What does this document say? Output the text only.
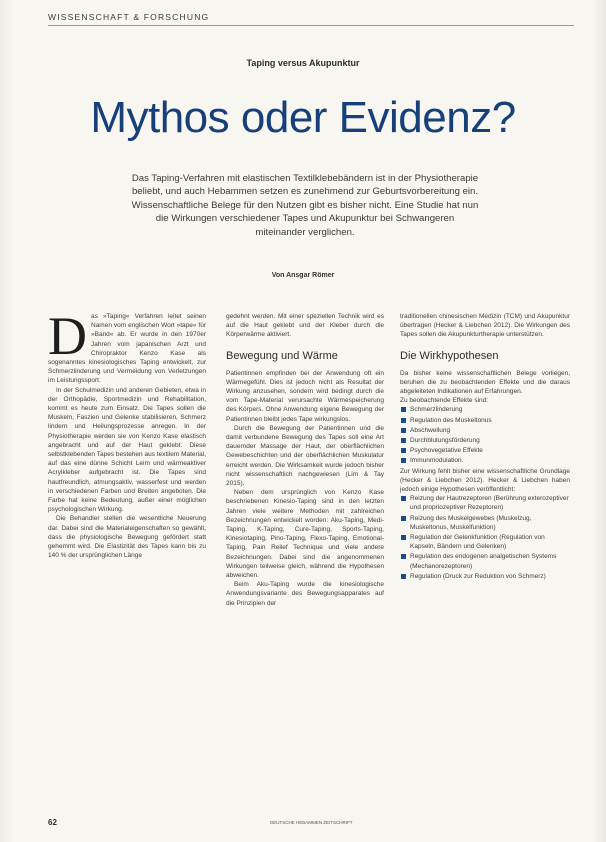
WISSENSCHAFT & FORSCHUNG
Taping versus Akupunktur
Mythos oder Evidenz?
Das Taping-Verfahren mit elastischen Textilklebebändern ist in der Physiotherapie beliebt, und auch Hebammen setzen es zunehmend zur Geburtsvorbereitung ein. Wissenschaftliche Belege für den Nutzen gibt es bisher nicht. Eine Studie hat nun die Wirkungen verschiedener Tapes und Akupunktur bei Schwangeren miteinander verglichen.
Von Ansgar Römer
D as »Taping« Verfahren leitet seinen Namen vom englischen Wort »tape« für »Band« ab. Er wurde in den 1970er Jahren vom japanischen Arzt und Chiropraktor Kenzo Kase als sogenanntes kinesiologisches Taping entwickelt, zur Schmerzlinderung und Vermeidung von Verletzungen im Leistungssport.

In der Schulmedizin und anderen Gebieten, etwa in der Orthopädie, Sportmedizin und Rehabilitation, kommt es heute zum Einsatz. Die Tapes sollen die Muskeln, Faszien und Gelenke stabilisieren, Schmerz lindern und Heilungsprozesse anregen. In der Physiotherapie werden sie von Kenzo Kase elastisch angebracht und auf der Haut geklebt. Diese selbstklebenden Tapes bestehen aus textilem Material, auf das eine dünne Schicht Leim und wärmeaktiver Acrylkleber aufgebracht ist. Die Tapes sind hautfreundlich, atmungsaktiv, wasserfest und werden in verschiedenen Farben und Breiten angeboten. Die Farbe hat keine Bedeutung, außer einer möglichen psychologischen Wirkung.

Die Behandler stellen die wesentliche Neuerung dar. Dabei sind die Materialeigenschaften so gewählt, dass die physiologische Bewegung gefördert statt gehemmt wird. Die Elastizität des Tapes kann bis zu 140 % der ursprünglichen Länge

gedehnt werden. Mit einer speziellen Technik wird es auf die Haut geklebt und der Kleber durch die Körperwärme aktiviert.

Bewegung und Wärme

Patientinnen empfinden bei der Anwendung oft ein Wärmegefühl. Dies ist jedoch nicht als Resultat der Wirkung anzusehen, sondern wird bedingt durch die vom Tape-Material verursachte Wärmespeicherung des Körpers. Ohne Anwendung eigene Bewegung der Patientinnen bleibt jedes Tape wirkungslos.

Durch die Bewegung der Patientinnen und die damit verbundene Bewegung des Tapes soll eine Art dauernder Massage der Haut, der oberflächlichen Gewebeschichten und der oberflächlichen Muskulatur erreicht werden. Die Wirksamkeit wurde jedoch bisher nicht wissenschaftlich nachgewiesen (Lim & Tay 2015).

Neben dem ursprünglich von Kenzo Kase beschriebenen Kinesio-Taping sind in den letzten Jahren viele weitere Methoden mit zahlreichen Bezeichnungen entwickelt worden: Aku-Taping, Medi-Taping, K-Taping, Cure-Taping, Sports-Taping, Kinesiotaping, Pino-Taping, Flexo-Taping, Emotional-Taping, Pain Relief Technique und viele andere Bezeichnungen. Dabei sind die angenommenen Wirkungen teilweise gleich, während die Hypothesen abweichen.

Beim Aku-Taping wurde die kinesiologische Anwendungsvariante des Bewegungsapparates auf die Prinzipien der

traditionellen chinesischen Medizin (TCM) und Akupunktur übertragen (Hecker & Liebchen 2012). Die Wirkungen des Tapes sollen die Akupunkturtherapie unterstützen.

Die Wirkhypothesen

Da bisher keine wissenschaftlichen Belege vorliegen, beruhen die zu beobachtenden Effekte und die daraus abgeleiteten Indikationen auf Erfahrungen.

Zu beobachtende Effekte sind:

Schmerzlinderung
Regulation des Muskeltonus
Abschwellung
Durchblutungsförderung
Psychovegetative Effekte
Immunmodulation.

Zur Wirkung fehlt bisher eine wissenschaftliche Grundlage (Hecker & Liebchen 2012). Hecker & Liebchen haben jedoch einige Hypothesen veröffentlicht:

Reizung der Hautrezeptoren (Berührung exterozeptiver und propriozeptiver Rezeptoren)
Reizung des Muskelgewebes (Muskelzug, Muskeltonus, Muskelfunktion)
Regulation der Gelenkfunktion (Regulation von Kapseln, Bändern und Gelenken)
Regulation des endogenen analgetischen Systems (Mechanorezeptoren)
Regulation (Druck zur Reduktion von Schmerz)
62	DEUTSCHE HEBAMMEN ZEITSCHRIFT
